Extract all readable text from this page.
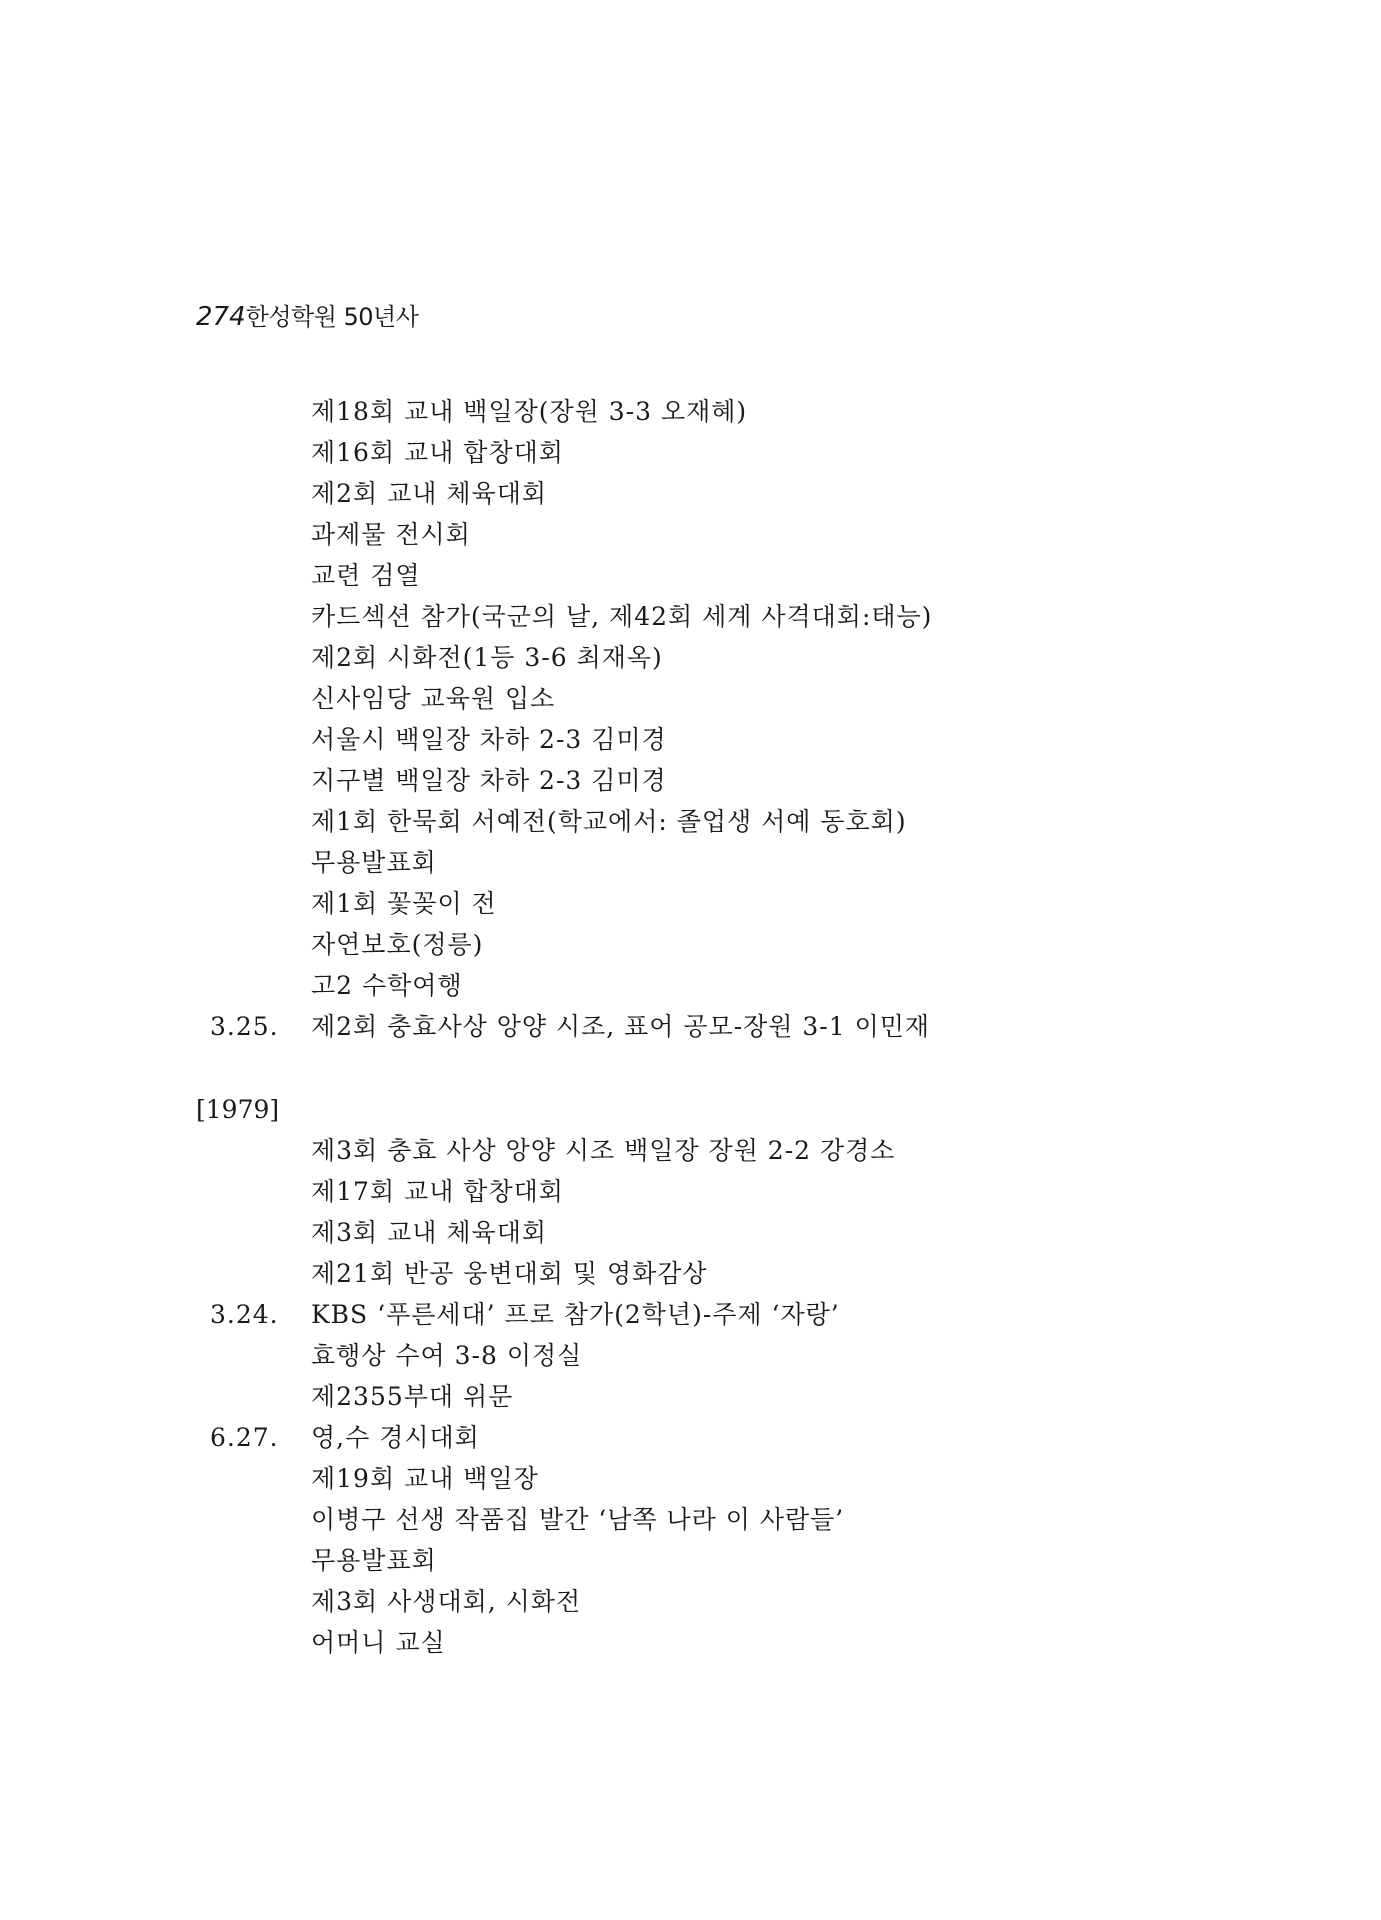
274한성학원 50년사
제18회 교내 백일장(장원 3-3 오재혜)
제16회 교내 합창대회
제2회 교내 체육대회
과제물 전시회
교련 검열
카드섹션 참가(국군의 날, 제42회 세계 사격대회:태능)
제2회 시화전(1등 3-6 최재옥)
신사임당 교육원 입소
서울시 백일장 차하 2-3 김미경
지구별 백일장 차하 2-3 김미경
제1회 한묵회 서예전(학교에서: 졸업생 서예 동호회)
무용발표회
제1회 꽃꽂이 전
자연보호(정릉)
고2 수학여행
3.25. 제2회 충효사상 앙양 시조, 표어 공모-장원 3-1 이민재
[1979]
제3회 충효 사상 앙양 시조 백일장 장원 2-2 강경소
제17회 교내 합창대회
제3회 교내 체육대회
제21회 반공 웅변대회 및 영화감상
3.24. KBS ‘푸른세대’ 프로 참가(2학년)-주제 ‘자랑’
효행상 수여 3-8 이정실
제2355부대 위문
6.27. 영,수 경시대회
제19회 교내 백일장
이병구 선생 작품집 발간 ‘남쪽 나라 이 사람들’
무용발표회
제3회 사생대회, 시화전
어머니 교실
